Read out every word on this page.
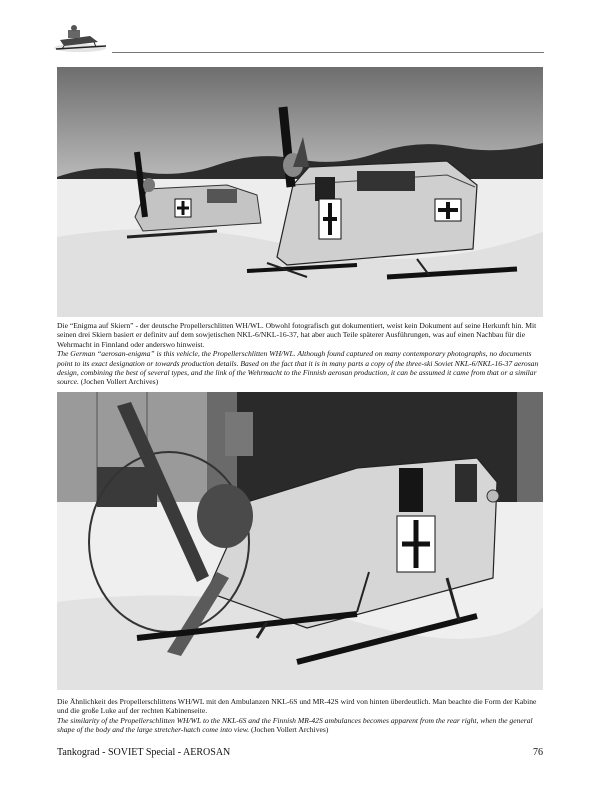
Die “Enigma auf Skiern” - der deutsche Propellerschlitten WH/WL. Obwohl fotografisch gut dokumentiert, weist kein Dokument auf seine Herkunft hin. Mit seinen drei Skiern basiert er definitv auf dem sowjetischen NKL-6/NKL-16-37, hat aber auch Teile späterer Ausführungen, was auf einen Nachbau für die Wehrmacht in Finnland oder anderswo hinweist.

The German “aerosan-enigma” is this vehicle, the Propellerschlitten WH/WL. Although found captured on many contemporary photographs, no documents point to its exact designation or towards production details. Based on the fact that it is in many parts a copy of the three-ski Soviet NKL-6/NKL-16-37 aerosan design, combining the best of several types, and the link of the Wehrmacht to the Finnish aerosan production, it can be assumed it came from that or a similar source. (Jochen Vollert Archives)

Die Ähnlichkeit des Propellerschlittens WH/WL mit den Ambulanzen NKL-6S und MR-42S wird von hinten überdeutlich. Man beachte die Form der Kabine und die große Luke auf der rechten Kabinenseite.

The similarity of the Propellerschlitten WH/WL to the NKL-6S and the Finnish MR-42S ambulances becomes apparent from the rear right, when the general shape of the body and the large stretcher-hatch come into view. (Jochen Vollert Archives)

Tankograd - SOVIET Special - AEROSAN	76
